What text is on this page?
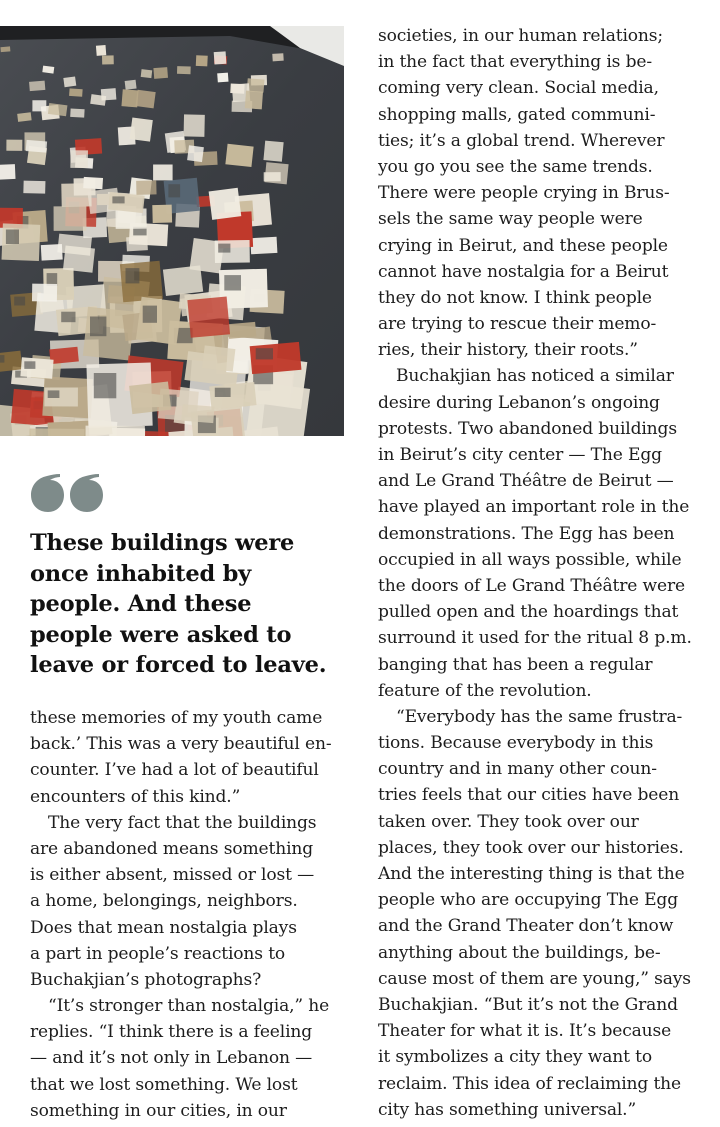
These buildings were
once inhabited by
people. And these
people were asked to
leave or forced to leave.
these memories of my youth came
back.’ This was a very beautiful en-
counter. I’ve had a lot of beautiful
encounters of this kind.”
The very fact that the buildings
are abandoned means something
is either absent, missed or lost —
a home, belongings, neighbors.
Does that mean nostalgia plays
a part in people’s reactions to
Buchakjian’s photographs?
“It’s stronger than nostalgia,” he
replies. “I think there is a feeling
— and it’s not only in Lebanon —
that we lost something. We lost
something in our cities, in our
societies, in our human relations;
in the fact that everything is be-
coming very clean. Social media,
shopping malls, gated communi-
ties; it’s a global trend. Wherever
you go you see the same trends.
There were people crying in Brus-
sels the same way people were
crying in Beirut, and these people
cannot have nostalgia for a Beirut
they do not know. I think people
are trying to rescue their memo-
ries, their history, their roots.”
Buchakjian has noticed a similar
desire during Lebanon’s ongoing
protests. Two abandoned buildings
in Beirut’s city center — The Egg
and Le Grand Théâtre de Beirut —
have played an important role in the
demonstrations. The Egg has been
occupied in all ways possible, while
the doors of Le Grand Théâtre were
pulled open and the hoardings that
surround it used for the ritual 8 p.m.
banging that has been a regular
feature of the revolution.
“Everybody has the same frustra-
tions. Because everybody in this
country and in many other coun-
tries feels that our cities have been
taken over. They took over our
places, they took over our histories.
And the interesting thing is that the
people who are occupying The Egg
and the Grand Theater don’t know
anything about the buildings, be-
cause most of them are young,” says
Buchakjian. “But it’s not the Grand
Theater for what it is. It’s because
it symbolizes a city they want to
reclaim. This idea of reclaiming the
city has something universal.”
